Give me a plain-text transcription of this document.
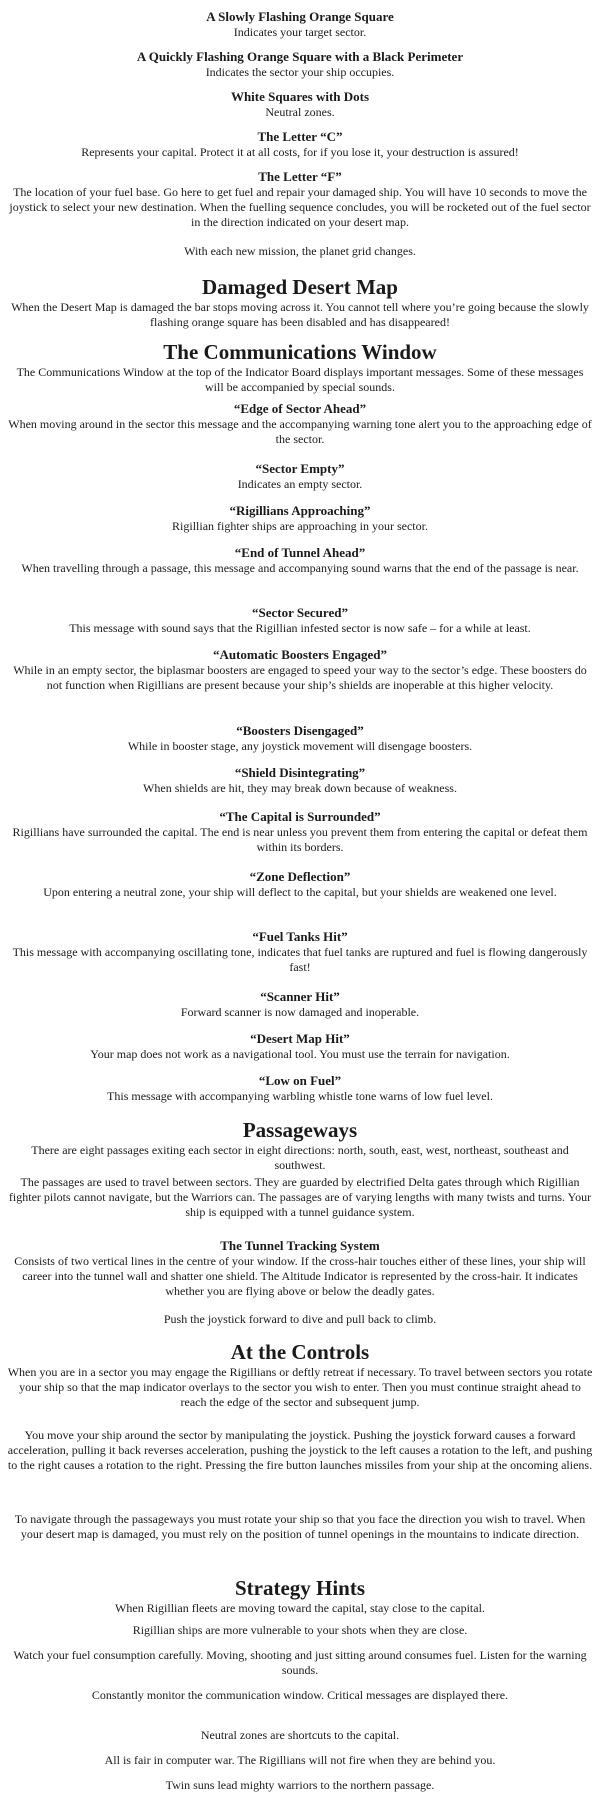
A Slowly Flashing Orange Square

Indicates your target sector.

A Quickly Flashing Orange Square with a Black Perimeter

Indicates the sector your ship occupies.

White Squares with Dots

Neutral zones.

The Letter “C”

Represents your capital. Protect it at all costs, for if you lose it, your destruction is assured!

The Letter “F”

The location of your fuel base. Go here to get fuel and repair your damaged ship. You will have 10 seconds to move the joystick to select your new destination. When the fuelling sequence concludes, you will be rocketed out of the fuel sector in the direction indicated on your desert map.

With each new mission, the planet grid changes.

Damaged Desert Map

When the Desert Map is damaged the bar stops moving across it. You cannot tell where you’re going because the slowly flashing orange square has been disabled and has disappeared!

The Communications Window

The Communications Window at the top of the Indicator Board displays important messages. Some of these messages will be accompanied by special sounds.

“Edge of Sector Ahead”

When moving around in the sector this message and the accompanying warning tone alert you to the approaching edge of the sector.

“Sector Empty”

Indicates an empty sector.

“Rigillians Approaching”

Rigillian fighter ships are approaching in your sector.

“End of Tunnel Ahead”

When travelling through a passage, this message and accompanying sound warns that the end of the passage is near.

“Sector Secured”

This message with sound says that the Rigillian infested sector is now safe – for a while at least.

“Automatic Boosters Engaged”

While in an empty sector, the biplasmar boosters are engaged to speed your way to the sector’s edge. These boosters do not function when Rigillians are present because your ship’s shields are inoperable at this higher velocity.

“Boosters Disengaged”

While in booster stage, any joystick movement will disengage boosters.

“Shield Disintegrating”

When shields are hit, they may break down because of weakness.

“The Capital is Surrounded”

Rigillians have surrounded the capital. The end is near unless you prevent them from entering the capital or defeat them within its borders.

“Zone Deflection”

Upon entering a neutral zone, your ship will deflect to the capital, but your shields are weakened one level.

“Fuel Tanks Hit”

This message with accompanying oscillating tone, indicates that fuel tanks are ruptured and fuel is flowing dangerously fast!

“Scanner Hit”

Forward scanner is now damaged and inoperable.

“Desert Map Hit”

Your map does not work as a navigational tool. You must use the terrain for navigation.

“Low on Fuel”

This message with accompanying warbling whistle tone warns of low fuel level.

Passageways

There are eight passages exiting each sector in eight directions: north, south, east, west, northeast, southeast and southwest.

The passages are used to travel between sectors. They are guarded by electrified Delta gates through which Rigillian fighter pilots cannot navigate, but the Warriors can. The passages are of varying lengths with many twists and turns. Your ship is equipped with a tunnel guidance system.

The Tunnel Tracking System

Consists of two vertical lines in the centre of your window. If the cross-hair touches either of these lines, your ship will career into the tunnel wall and shatter one shield. The Altitude Indicator is represented by the cross-hair. It indicates whether you are flying above or below the deadly gates.

Push the joystick forward to dive and pull back to climb.

At the Controls

When you are in a sector you may engage the Rigillians or deftly retreat if necessary. To travel between sectors you rotate your ship so that the map indicator overlays to the sector you wish to enter. Then you must continue straight ahead to reach the edge of the sector and subsequent jump.

You move your ship around the sector by manipulating the joystick. Pushing the joystick forward causes a forward acceleration, pulling it back reverses acceleration, pushing the joystick to the left causes a rotation to the left, and pushing to the right causes a rotation to the right. Pressing the fire button launches missiles from your ship at the oncoming aliens.

To navigate through the passageways you must rotate your ship so that you face the direction you wish to travel. When your desert map is damaged, you must rely on the position of tunnel openings in the mountains to indicate direction.

Strategy Hints

When Rigillian fleets are moving toward the capital, stay close to the capital.

Rigillian ships are more vulnerable to your shots when they are close.

Watch your fuel consumption carefully. Moving, shooting and just sitting around consumes fuel. Listen for the warning sounds.

Constantly monitor the communication window. Critical messages are displayed there.

Neutral zones are shortcuts to the capital.

All is fair in computer war. The Rigillians will not fire when they are behind you.

Twin suns lead mighty warriors to the northern passage.
